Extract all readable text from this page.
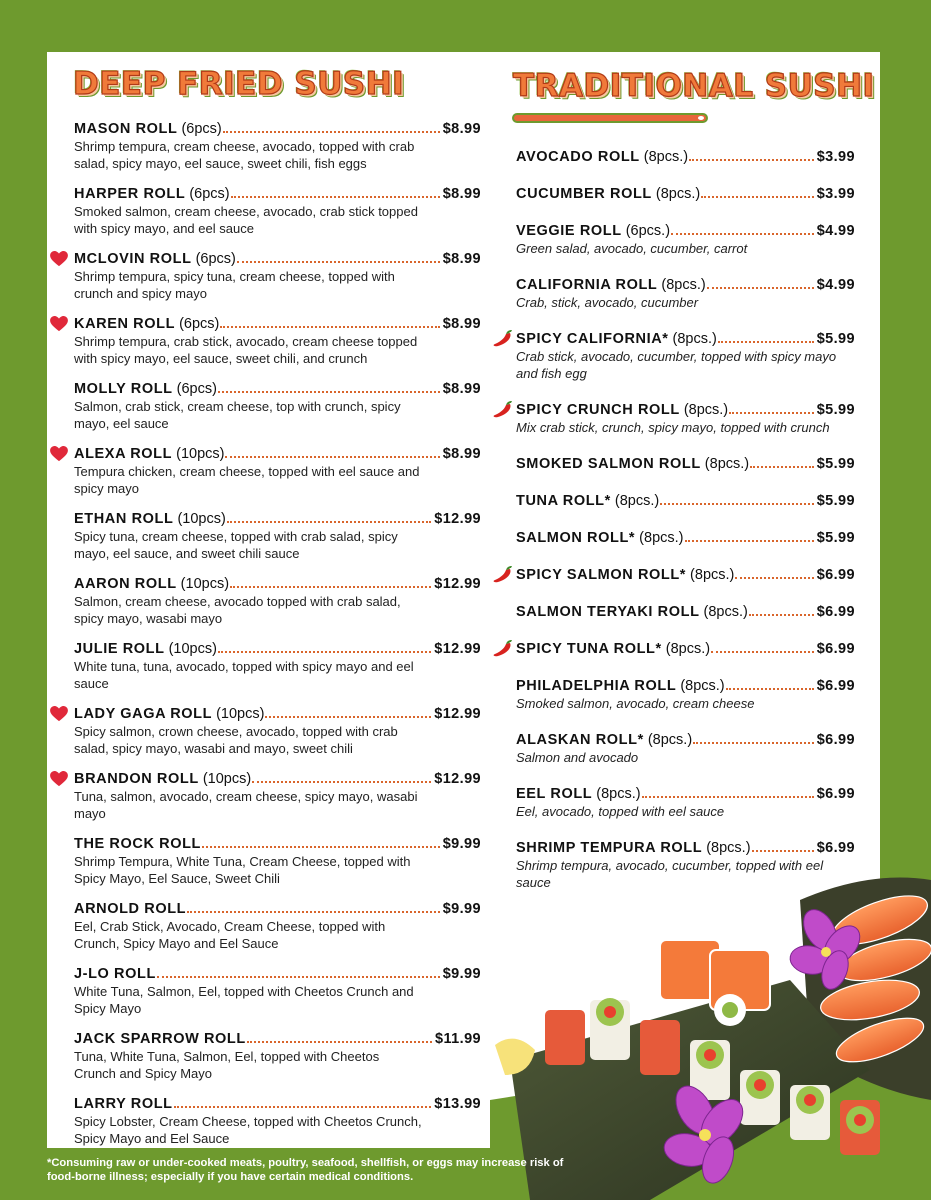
DEEP FRIED SUSHI	TRADITIONAL SUSHI
MASON ROLL (6pcs)	$8.99
Shrimp tempura, cream cheese, avocado, topped with crab salad, spicy mayo, eel sauce, sweet chili, fish eggs
HARPER ROLL (6pcs)	$8.99
Smoked salmon, cream cheese, avocado, crab stick topped with spicy mayo, and eel sauce
MCLOVIN ROLL (6pcs)	$8.99
Shrimp tempura, spicy tuna, cream cheese, topped with crunch and spicy mayo
KAREN ROLL (6pcs)	$8.99
Shrimp tempura, crab stick, avocado, cream cheese topped with spicy mayo, eel sauce, sweet chili, and crunch
MOLLY ROLL (6pcs)	$8.99
Salmon, crab stick, cream cheese, top with crunch, spicy mayo, eel sauce
ALEXA ROLL (10pcs)	$8.99
Tempura chicken, cream cheese, topped with eel sauce and spicy mayo
ETHAN ROLL (10pcs)	$12.99
Spicy tuna, cream cheese, topped with crab salad, spicy mayo, eel sauce, and sweet chili sauce
AARON ROLL (10pcs)	$12.99
Salmon, cream cheese, avocado topped with crab salad, spicy mayo, wasabi mayo
JULIE ROLL (10pcs)	$12.99
White tuna, tuna, avocado, topped with spicy mayo and eel sauce
LADY GAGA ROLL (10pcs)	$12.99
Spicy salmon, crown cheese, avocado, topped with crab salad, spicy mayo, wasabi and mayo, sweet chili
BRANDON ROLL (10pcs)	$12.99
Tuna, salmon, avocado, cream cheese, spicy mayo, wasabi mayo
THE ROCK ROLL	$9.99
Shrimp Tempura, White Tuna, Cream Cheese, topped with Spicy Mayo, Eel Sauce, Sweet Chili
ARNOLD ROLL	$9.99
Eel, Crab Stick, Avocado, Cream Cheese, topped with Crunch, Spicy Mayo and Eel Sauce
J-LO ROLL	$9.99
White Tuna, Salmon, Eel, topped with Cheetos Crunch and Spicy Mayo
JACK SPARROW ROLL	$11.99
Tuna, White Tuna, Salmon, Eel, topped with Cheetos Crunch and Spicy Mayo
LARRY ROLL	$13.99
Spicy Lobster, Cream Cheese, topped with Cheetos Crunch, Spicy Mayo and Eel Sauce
AVOCADO ROLL (8pcs.)	$3.99
CUCUMBER ROLL (8pcs.)	$3.99
VEGGIE ROLL (6pcs.)	$4.99
Green salad, avocado, cucumber, carrot
CALIFORNIA ROLL (8pcs.)	$4.99
Crab, stick, avocado, cucumber
SPICY CALIFORNIA* (8pcs.)	$5.99
Crab stick, avocado, cucumber, topped with spicy mayo and fish egg
SPICY CRUNCH ROLL (8pcs.)	$5.99
Mix crab stick, crunch, spicy mayo, topped with crunch
SMOKED SALMON ROLL (8pcs.)	$5.99
TUNA ROLL* (8pcs.)	$5.99
SALMON ROLL* (8pcs.)	$5.99
SPICY SALMON ROLL* (8pcs.)	$6.99
SALMON TERYAKI ROLL (8pcs.)	$6.99
SPICY TUNA ROLL* (8pcs.)	$6.99
PHILADELPHIA ROLL (8pcs.)	$6.99
Smoked salmon, avocado, cream cheese
ALASKAN ROLL* (8pcs.)	$6.99
Salmon and avocado
EEL ROLL (8pcs.)	$6.99
Eel, avocado, topped with eel sauce
SHRIMP TEMPURA ROLL (8pcs.)	$6.99
Shrimp tempura, avocado, cucumber, topped with eel sauce
*Consuming raw or under-cooked meats, poultry, seafood, shellfish, or eggs may increase risk of food-borne illness; especially if you have certain medical conditions.
